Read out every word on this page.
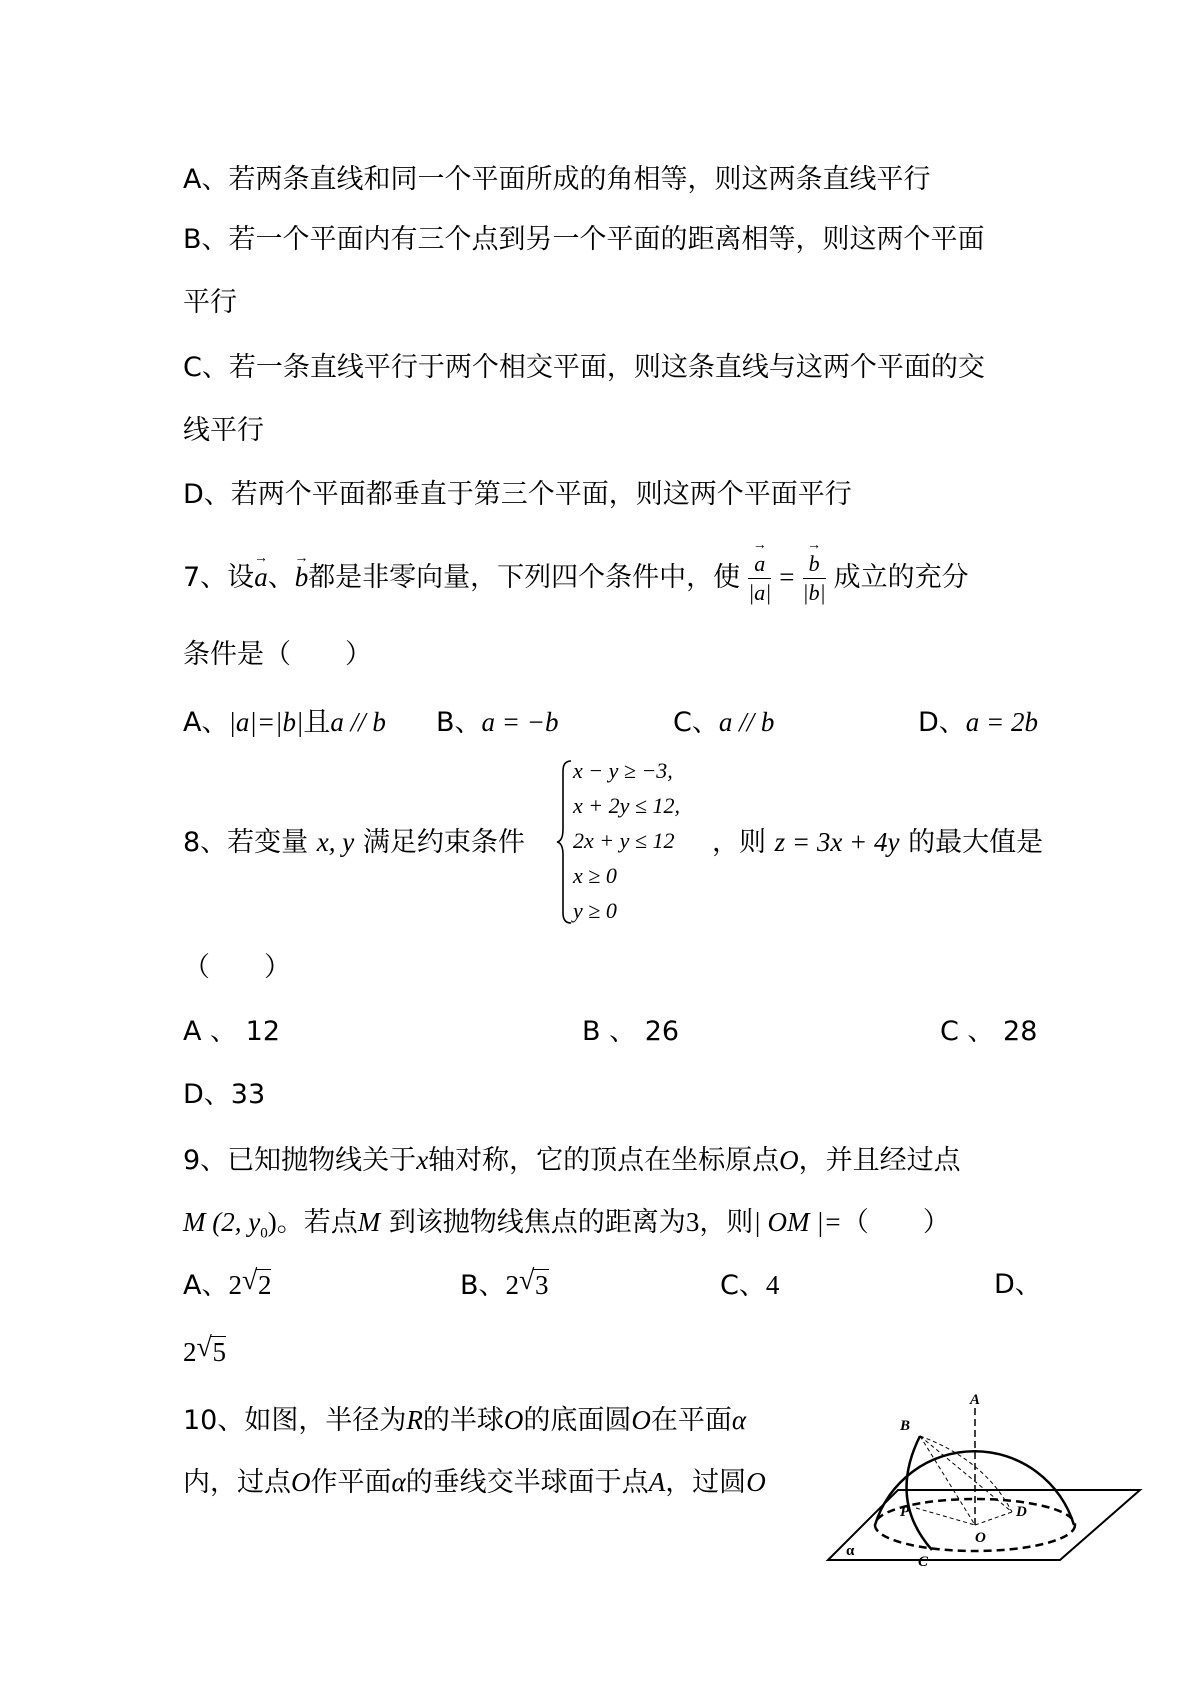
A、若两条直线和同一个平面所成的角相等，则这两条直线平行
B、若一个平面内有三个点到另一个平面的距离相等，则这两个平面
平行
C、若一条直线平行于两个相交平面，则这条直线与这两个平面的交
线平行
D、若两个平面都垂直于第三个平面，则这两个平面平行
7、设→ a、→ b都是非零向量，下列四个条件中，使 → $\frac{a}{|a|}$ = → $\frac{b}{|b|}$ 成立的充分
条件是（　　）
A、|a|=|b|且a // b B、a = −b	C、a // b	D、a = 2b
8、若变量 x, y 满足约束条件
x − y ≥ −3,
x + 2y ≤ 12,
2x + y ≤ 12
x ≥ 0
y ≥ 0
，则 z = 3x + 4y 的最大值是
（　　）
A 、 12	B 、 26	C 、 28
D、33
9、已知抛物线关于x轴对称，它的顶点在坐标原点O，并且经过点
M (2, $y_0$)。若点M 到该抛物线焦点的距离为3，则| OM |=（　　）
A、2 √ 2	B、2 √ 3	C、4	D、
2 √ 5
10、如图，半径为R的半球O的底面圆O在平面α
内，过点O作平面α的垂线交半球面于点A，过圆O
A
B
D
P
O
C
α
